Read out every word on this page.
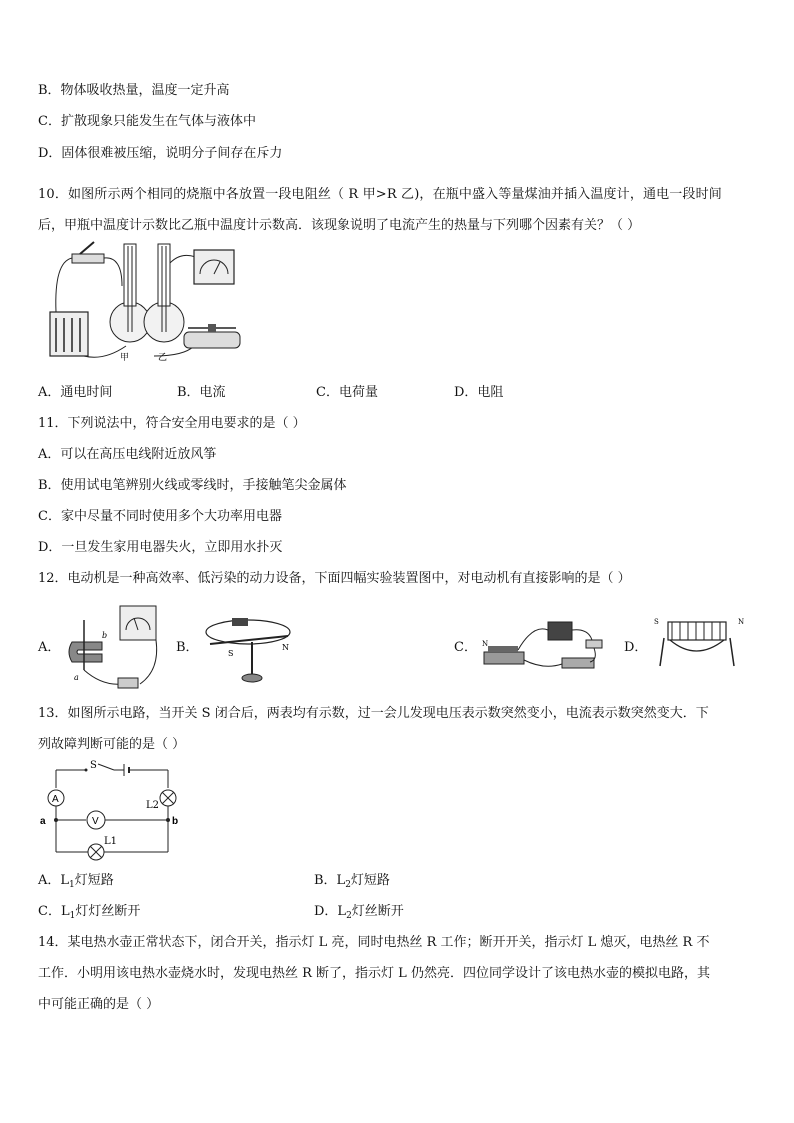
B．物体吸收热量，温度一定升高
C．扩散现象只能发生在气体与液体中
D．固体很难被压缩，说明分子间存在斥力
10．如图所示两个相同的烧瓶中各放置一段电阻丝（ R 甲>R 乙)，在瓶中盛入等量煤油并插入温度计，通电一段时间
后，甲瓶中温度计示数比乙瓶中温度计示数高．该现象说明了电流产生的热量与下列哪个因素有关？（ ）
甲	乙
A．通电时间	B．电流	C．电荷量	D．电阻
11．下列说法中，符合安全用电要求的是（ ）
A．可以在高压电线附近放风筝
B．使用试电笔辨别火线或零线时，手接触笔尖金属体
C．家中尽量不同时使用多个大功率用电器
D．一旦发生家用电器失火，立即用水扑灭
12．电动机是一种高效率、低污染的动力设备，下面四幅实验装置图中，对电动机有直接影响的是（ ）
A．
a
b
B．	S
N	C． N	D．
S	N
13．如图所示电路，当开关 S 闭合后，两表均有示数，过一会儿发现电压表示数突然变小，电流表示数突然变大．下
列故障判断可能的是（ ）
A
V
S
L2
L1
a	b
A．$L_1$灯短路	B．$L_2$灯短路
C．$L_1$灯灯丝断开	D．$L_2$灯丝断开
14．某电热水壶正常状态下，闭合开关，指示灯 L 亮，同时电热丝 R 工作；断开开关，指示灯 L 熄灭，电热丝 R 不
工作．小明用该电热水壶烧水时，发现电热丝 R 断了，指示灯 L 仍然亮．四位同学设计了该电热水壶的模拟电路，其
中可能正确的是（ ）
